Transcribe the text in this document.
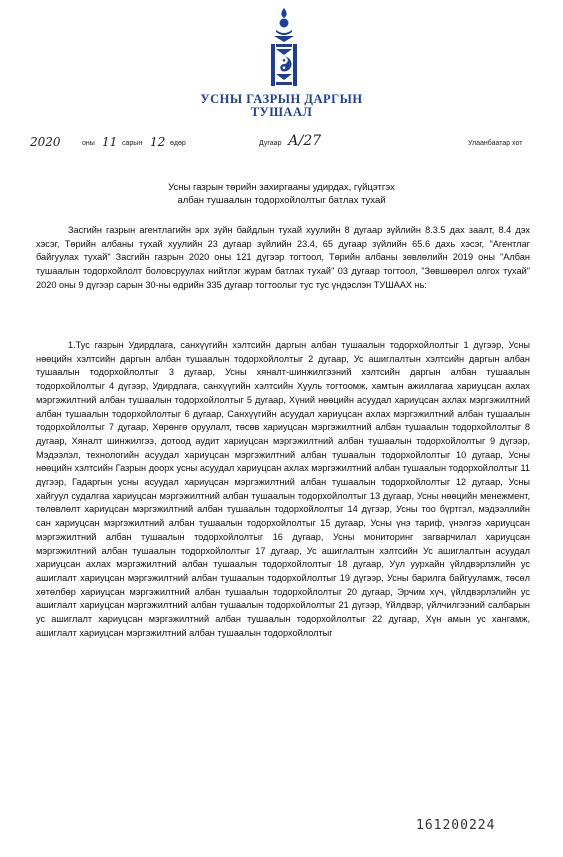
УСНЫ ГАЗРЫН ДАРГЫН
ТУШААЛ
2020	оны 11 сарын 12 өдөр	Дугаар А/27	Улаанбаатар хот
Усны газрын төрийн захиргааны удирдах, гүйцэтгэх
албан тушаалын тодорхойлолтыг батлах тухай

Засгийн газрын агентлагийн эрх зүйн байдлын тухай хуулийн 8 дугаар зүйлийн 8.3.5 дах заалт, 8.4 дэх хэсэг, Төрийн албаны тухай хуулийн 23 дугаар зүйлийн 23.4, 65 дугаар зүйлийн 65.6 дахь хэсэг, "Агентлаг байгуулах тухай" Засгийн газрын 2020 оны 121 дүгээр тогтоол, Төрийн албаны зөвлөлийн 2019 оны "Албан тушаалын тодорхойлолт боловсруулах нийтлэг журам батлах тухай" 03 дугаар тогтоол, "Зөвшөөрөл олгох тухай" 2020 оны 9 дүгээр сарын 30-ны өдрийн 335 дугаар тогтоолыг тус тус үндэслэн ТУШААХ нь:

1.Тус газрын Удирдлага, санхүүгийн хэлтсийн даргын албан тушаалын тодорхойлолтыг 1 дүгээр, Усны нөөцийн хэлтсийн даргын албан тушаалын тодорхойлолтыг 2 дугаар, Ус ашиглалтын хэлтсийн даргын албан тушаалын тодорхойлолтыг 3 дугаар, Усны хяналт-шинжилгээний хэлтсийн даргын албан тушаалын тодорхойлолтыг 4 дүгээр, Удирдлага, санхүүгийн хэлтсийн Хууль тогтоомж, хамтын ажиллагаа хариуцсан ахлах мэргэжилтний албан тушаалын тодорхойлолтыг 5 дугаар, Хүний нөөцийн асуудал хариуцсан ахлах мэргэжилтний албан тушаалын тодорхойлолтыг 6 дугаар, Санхүүгийн асуудал хариуцсан ахлах мэргэжилтний албан тушаалын тодорхойлолтыг 7 дугаар, Хөрөнгө оруулалт, төсөв хариуцсан мэргэжилтний албан тушаалын тодорхойлолтыг 8 дугаар, Хяналт шинжилгээ, дотоод аудит хариуцсан мэргэжилтний албан тушаалын тодорхойлолтыг 9 дүгээр, Мэдээлэл, технологийн асуудал хариуцсан мэргэжилтний албан тушаалын тодорхойлолтыг 10 дугаар, Усны нөөцийн хэлтсийн Газрын доорх усны асуудал хариуцсан ахлах мэргэжилтний албан тушаалын тодорхойлолтыг 11 дүгээр, Гадаргын усны асуудал хариуцсан мэргэжилтний албан тушаалын тодорхойлолтыг 12 дугаар, Усны хайгуул судалгаа хариуцсан мэргэжилтний албан тушаалын тодорхойлолтыг 13 дугаар, Усны нөөцийн менежмент, төлөвлөлт хариуцсан мэргэжилтний албан тушаалын тодорхойлолтыг 14 дүгээр, Усны тоо бүртгэл, мэдээллийн сан хариуцсан мэргэжилтний албан тушаалын тодорхойлолтыг 15 дугаар, Усны үнэ тариф, үнэлгээ хариуцсан мэргэжилтний албан тушаалын тодорхойлолтыг 16 дугаар, Усны мониторинг загварчилал хариуцсан мэргэжилтний албан тушаалын тодорхойлолтыг 17 дугаар, Ус ашиглалтын хэлтсийн Ус ашиглалтын асуудал хариуцсан ахлах мэргэжилтний албан тушаалын тодорхойлолтыг 18 дугаар, Уул уурхайн үйлдвэрлэлийн ус ашиглалт хариуцсан мэргэжилтний албан тушаалын тодорхойлолтыг 19 дүгээр, Усны барилга байгууламж, төсөл хөтөлбөр хариуцсан мэргэжилтний албан тушаалын тодорхойлолтыг 20 дугаар, Эрчим хүч, үйлдвэрлэлийн ус ашиглалт хариуцсан мэргэжилтний албан тушаалын тодорхойлолтыг 21 дүгээр, Үйлдвэр, үйлчилгээний салбарын ус ашиглалт хариуцсан мэргэжилтний албан тушаалын тодорхойлолтыг 22 дугаар, Хүн амын ус хангамж, ашиглалт хариуцсан мэргэжилтний албан тушаалын тодорхойлолтыг

161200224
